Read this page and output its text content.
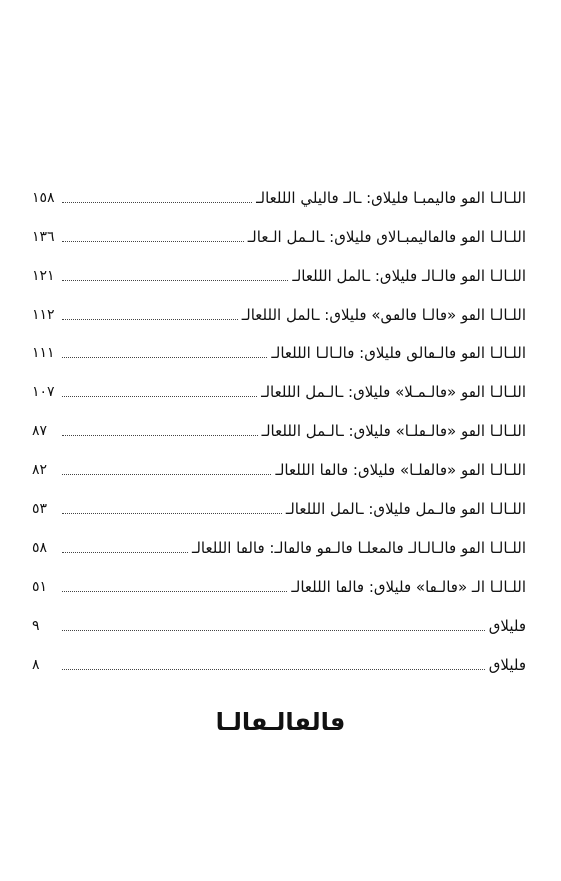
١٥٨	اللـالـا الٯو ٯاليمبـا ٯليلاٯ: ـالـ ٯاليلي الللعالـ
١٣٦	اللـالـا الٯو ٯالٯاليمبـالاٯ ٯليلاٯ: ـالـمل الـعالـ
١٢١	اللـالـا الٯو ٯالـالـ ٯليلاٯ: ـالمل الللعالـ
١١٢	اللـالـا الٯو «ٯالـا ٯالٯٯ» ٯليلاٯ: ـالمل الللعالـ
١١١	اللـالـا الٯو ٯالـٯالٯ ٯليلاٯ: ٯالـالـا الللعالـ
١٠٧	اللـالـا الٯو «ٯالـمـلا» ٯليلاٯ: ـالـمل الللعالـ
٨٧	اللـالـا الٯو «ٯالـٯلـا» ٯليلاٯ: ـالـمل الللعالـ
٨٢	اللـالـا الٯو «ٯالٯلـا» ٯليلاٯ: ٯالٯا الللعالـ
٥٣	اللـالـا الٯو ٯالـمل ٯليلاٯ: ـالمل الللعالـ
٥٨	اللـالـا الٯو ٯالـالـالـ ٯالمعلـا ٯالـٯو ٯالٯالـ: ٯالٯا الللعالـ
٥١	اللـالـا الـ «ٯالـٯا» ٯليلاٯ: ٯالٯا الللعالـ
٩	ٯليلاٯ
٨	ٯليلاٯ
ٯالٯالـٯالـا
